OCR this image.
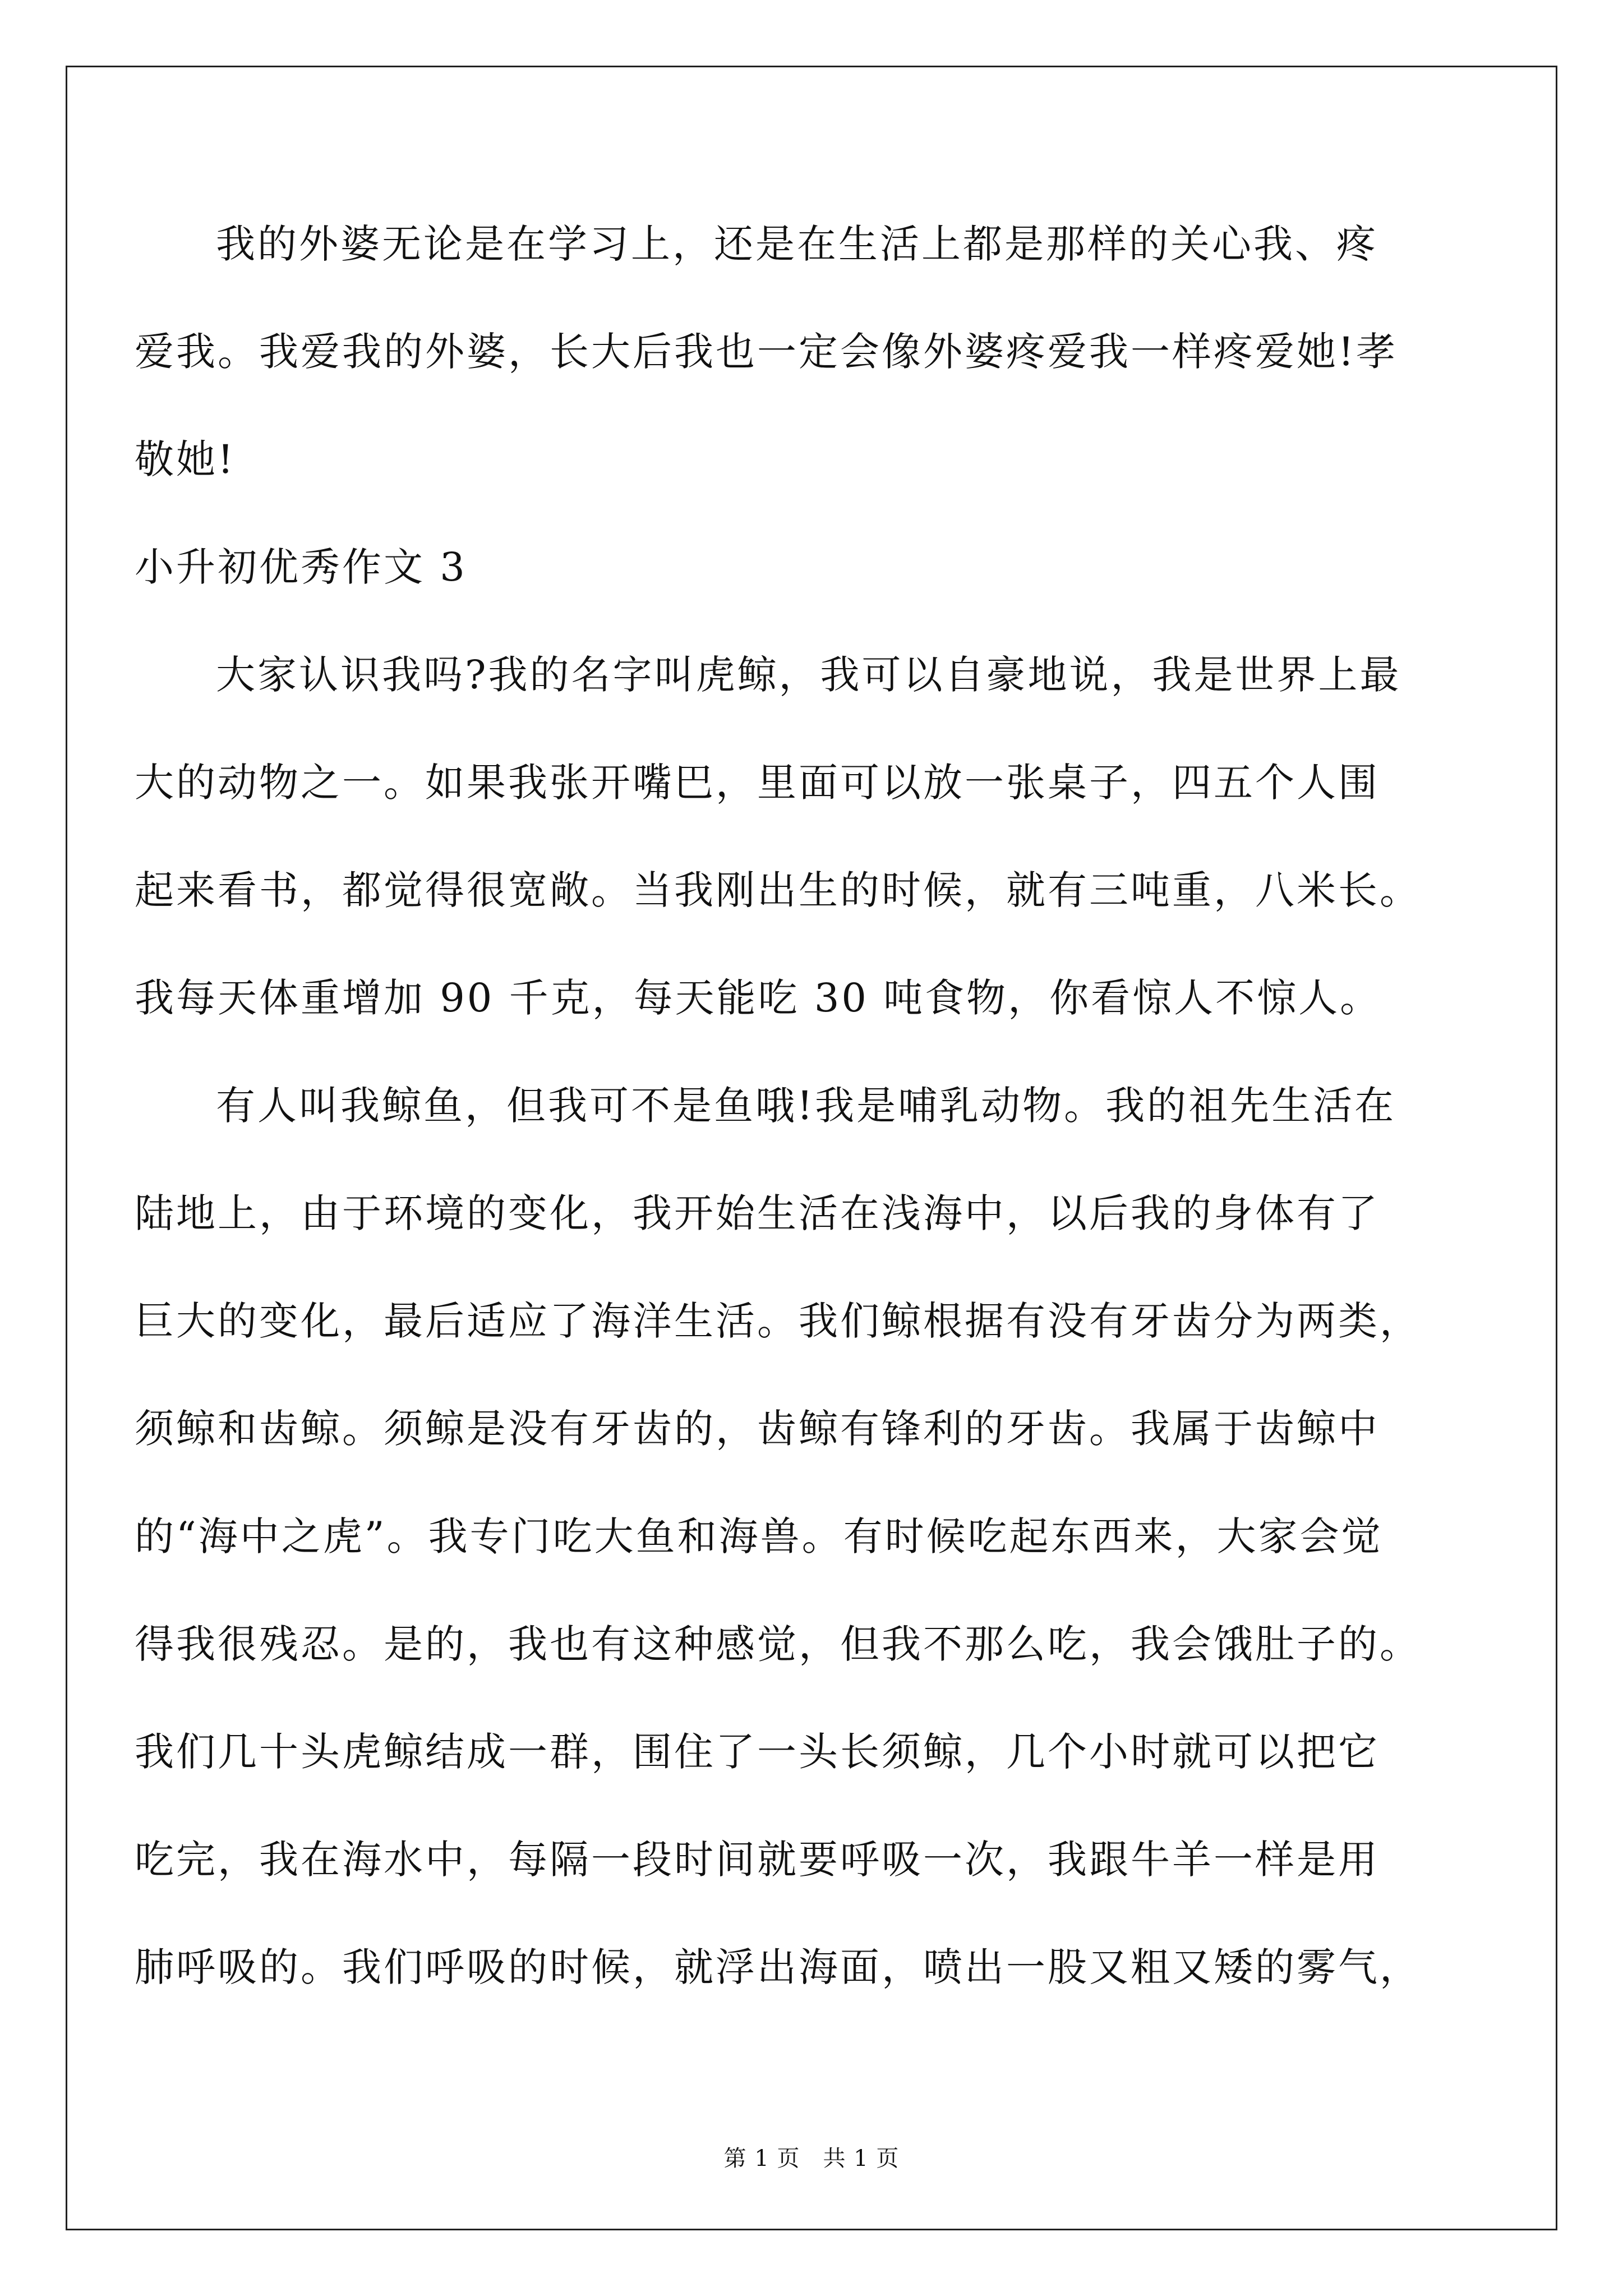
我的外婆无论是在学习上，还是在生活上都是那样的关心我、疼
爱我。我爱我的外婆，长大后我也一定会像外婆疼爱我一样疼爱她!孝
敬她!
小升初优秀作文 3
大家认识我吗?我的名字叫虎鲸，我可以自豪地说，我是世界上最
大的动物之一。如果我张开嘴巴，里面可以放一张桌子，四五个人围
起来看书，都觉得很宽敞。当我刚出生的时候，就有三吨重，八米长。
我每天体重增加 90 千克，每天能吃 30 吨食物，你看惊人不惊人。
有人叫我鲸鱼，但我可不是鱼哦!我是哺乳动物。我的祖先生活在
陆地上，由于环境的变化，我开始生活在浅海中，以后我的身体有了
巨大的变化，最后适应了海洋生活。我们鲸根据有没有牙齿分为两类，
须鲸和齿鲸。须鲸是没有牙齿的，齿鲸有锋利的牙齿。我属于齿鲸中
的“海中之虎”。我专门吃大鱼和海兽。有时候吃起东西来，大家会觉
得我很残忍。是的，我也有这种感觉，但我不那么吃，我会饿肚子的。
我们几十头虎鲸结成一群，围住了一头长须鲸，几个小时就可以把它
吃完，我在海水中，每隔一段时间就要呼吸一次，我跟牛羊一样是用
肺呼吸的。我们呼吸的时候，就浮出海面，喷出一股又粗又矮的雾气，
第 1 页　共 1 页
